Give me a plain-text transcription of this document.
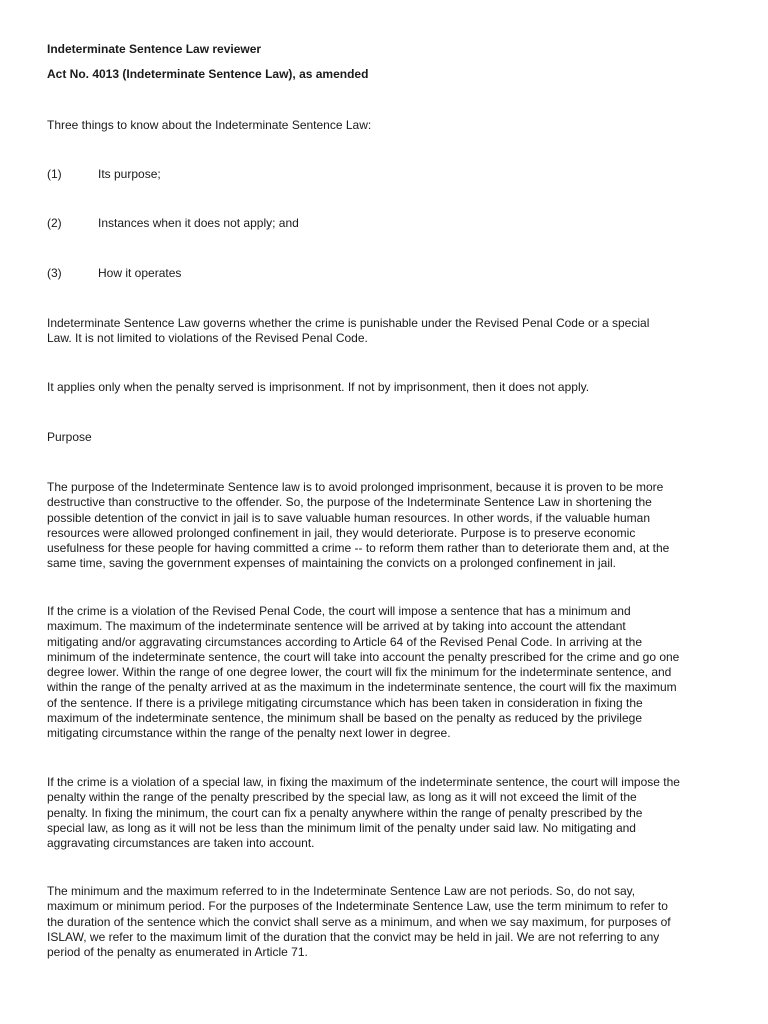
Indeterminate Sentence Law reviewer
Act No. 4013 (Indeterminate Sentence Law), as amended
Three things to know about the Indeterminate Sentence Law:
(1)	Its purpose;
(2)	Instances when it does not apply; and
(3)	How it operates
Indeterminate Sentence Law governs whether the crime is punishable under the Revised Penal Code or a special
Law. It is not limited to violations of the Revised Penal Code.
It applies only when the penalty served is imprisonment. If not by imprisonment, then it does not apply.
Purpose
The purpose of the Indeterminate Sentence law is to avoid prolonged imprisonment, because it is proven to be more
destructive than constructive to the offender. So, the purpose of the Indeterminate Sentence Law in shortening the
possible detention of the convict in jail is to save valuable human resources. In other words, if the valuable human
resources were allowed prolonged confinement in jail, they would deteriorate. Purpose is to preserve economic
usefulness for these people for having committed a crime -- to reform them rather than to deteriorate them and, at the
same time, saving the government expenses of maintaining the convicts on a prolonged confinement in jail.
If the crime is a violation of the Revised Penal Code, the court will impose a sentence that has a minimum and
maximum. The maximum of the indeterminate sentence will be arrived at by taking into account the attendant
mitigating and/or aggravating circumstances according to Article 64 of the Revised Penal Code. In arriving at the
minimum of the indeterminate sentence, the court will take into account the penalty prescribed for the crime and go one
degree lower. Within the range of one degree lower, the court will fix the minimum for the indeterminate sentence, and
within the range of the penalty arrived at as the maximum in the indeterminate sentence, the court will fix the maximum
of the sentence. If there is a privilege mitigating circumstance which has been taken in consideration in fixing the
maximum of the indeterminate sentence, the minimum shall be based on the penalty as reduced by the privilege
mitigating circumstance within the range of the penalty next lower in degree.
If the crime is a violation of a special law, in fixing the maximum of the indeterminate sentence, the court will impose the
penalty within the range of the penalty prescribed by the special law, as long as it will not exceed the limit of the
penalty. In fixing the minimum, the court can fix a penalty anywhere within the range of penalty prescribed by the
special law, as long as it will not be less than the minimum limit of the penalty under said law. No mitigating and
aggravating circumstances are taken into account.
The minimum and the maximum referred to in the Indeterminate Sentence Law are not periods. So, do not say,
maximum or minimum period. For the purposes of the Indeterminate Sentence Law, use the term minimum to refer to
the duration of the sentence which the convict shall serve as a minimum, and when we say maximum, for purposes of
ISLAW, we refer to the maximum limit of the duration that the convict may be held in jail. We are not referring to any
period of the penalty as enumerated in Article 71.
